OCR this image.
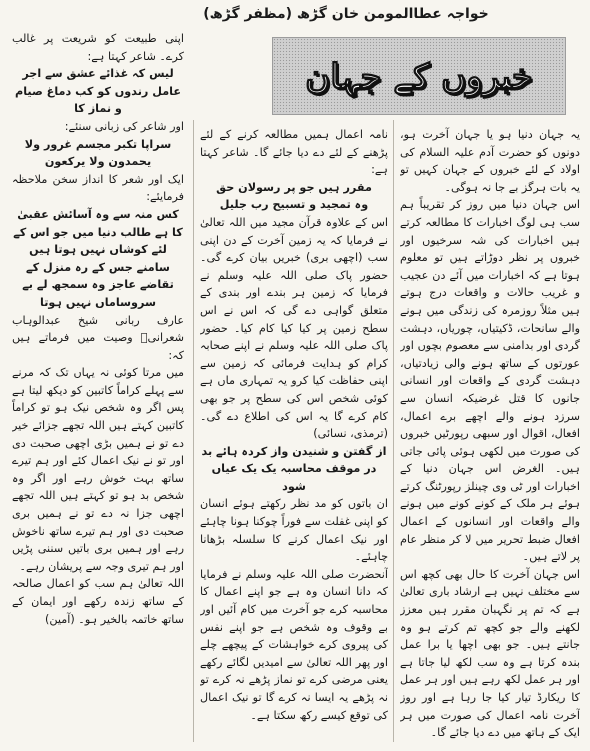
خواجہ عطاالمومن خان گڑھ (مظفر گڑھ)
خبروں کے جہان

یہ جہان دنیا ہو یا جہان آخرت ہو، دونوں کو حضرت آدم علیہ السلام کی اولاد کے لئے خبروں کے جہان کہیں تو یہ بات ہرگز بے جا نہ ہوگی۔

اس جہان دنیا میں روز کر تقریباً ہم سب ہی لوگ اخبارات کا مطالعہ کرتے ہیں اخبارات کی شہ سرخیوں اور خبروں پر نظر دوڑاتے ہیں تو معلوم ہوتا ہے کہ اخبارات میں آئے دن عجیب و غریب حالات و واقعات درج ہوتے ہیں مثلاً روزمرہ کی زندگی میں ہونے والے سانحات، ڈکیتیاں، چوریاں، دہشت گردی اور بدامنی سے معصوم بچوں اور عورتوں کے ساتھ ہونے والی زیادتیاں، دہشت گردی کے واقعات اور انسانی جانوں کا قتل غرضیکہ انسان سے سرزد ہونے والے اچھے برے اعمال، افعال، اقوال اور سبھی رپورٹیں خبروں کی صورت میں لکھی ہوئی پائی جاتی ہیں۔ الغرض اس جہان دنیا کے اخبارات اور ٹی وی چینلز رپورٹنگ کرتے ہوئے ہر ملک کے کونے کونے میں ہونے والے واقعات اور انسانوں کے اعمال افعال ضبط تحریر میں لا کر منظر عام پر لاتے ہیں۔

اس جہان آخرت کا حال بھی کچھ اس سے مختلف نہیں ہے ارشاد باری تعالیٰ ہے کہ تم پر نگہبان مقرر ہیں معزز لکھنے والے جو کچھ تم کرتے ہو وہ جانتے ہیں۔ جو بھی اچھا یا برا عمل بندہ کرتا ہے وہ سب لکھ لیا جاتا ہے اور ہر عمل لکھ رہے ہیں اور ہر عمل کا ریکارڈ تیار کیا جا رہا ہے اور روز آخرت نامہ اعمال کی صورت میں ہر ایک کے ہاتھ میں دے دیا جائے گا۔

نامہ اعمال ہمیں مطالعہ کرنے کے لئے پڑھنے کے لئے دے دیا جائے گا۔ شاعر کہتا ہے:

مقرر ہیں جو پر رسولان حق

وہ تمجید و تسبیح رب جلیل

اس کے علاوہ قرآن مجید میں اللہ تعالیٰ نے فرمایا کہ یہ زمین آخرت کے دن اپنی سب (اچھی بری) خبریں بیان کرے گی۔ حضور پاک صلی اللہ علیہ وسلم نے فرمایا کہ زمین ہر بندے اور بندی کے متعلق گواہی دے گی کہ اس نے اس سطح زمین پر کیا کیا کام کیا۔ حضور پاک صلی اللہ علیہ وسلم نے اپنے صحابہ کرام کو ہدایت فرمائی کہ زمین سے اپنی حفاظت کیا کرو یہ تمہاری ماں ہے کوئی شخص اس کی سطح پر جو بھی کام کرے گا یہ اس کی اطلاع دے گی۔ (ترمذی، نسائی)

از گفتن و شنیدن واز کردہ ہائے بد

در موقف محاسبہ یک یک عیاں شود

ان باتوں کو مد نظر رکھتے ہوئے انسان کو اپنی غفلت سے فوراً چوکنا ہونا چاہئے اور نیک اعمال کرنے کا سلسلہ بڑھانا چاہئے۔

آنحضرت صلی اللہ علیہ وسلم نے فرمایا کہ دانا انسان وہ ہے جو اپنے اعمال کا محاسبہ کرے جو آخرت میں کام آئیں اور بے وقوف وہ شخص ہے جو اپنے نفس کی پیروی کرے خواہشات کے پیچھے چلے اور پھر اللہ تعالیٰ سے امیدیں لگائے رکھے یعنی مرضی کرے تو نماز پڑھے نہ کرے تو نہ پڑھے یہ ایسا نہ کرے گا تو نیک اعمال کی توقع کیسے رکھ سکتا ہے۔

اپنی طبیعت کو شریعت پر غالب کرے۔ شاعر کہتا ہے:

لیس کہ غذائے عشق سے اجر عامل رندوں کو کب دماغ صیام و نماز کا

اور شاعر کی زبانی سنئے:

سراپا تکبر مجسم غرور ولا یحمدون ولا یرکعون

ایک اور شعر کا انداز سخن ملاحظہ فرمایئے:

کس منہ سے وہ آسائش عقبیٰ کا ہے طالب دنیا میں جو اس کے لئے کوشاں نہیں ہوتا ہیں سامنے جس کے رہ منزل کے تقاضے عاجز وہ سمجھ لے بے سروساماں نہیں ہوتا

عارف ربانی شیخ عبدالوہاب شعرانیؒ وصیت میں فرماتے ہیں کہ:

میں مرتا کوئی نہ یہاں تک کہ مرنے سے پہلے کراماً کاتبین کو دیکھ لیتا ہے پس اگر وہ شخص نیک ہو تو کراماً کاتبین کہتے ہیں اللہ تجھے جزائے خیر دے تو نے ہمیں بڑی اچھی صحبت دی اور تو نے نیک اعمال کئے اور ہم تیرے ساتھ بہت خوش رہے اور اگر وہ شخص بد ہو تو کہتے ہیں اللہ تجھے اچھی جزا نہ دے تو نے ہمیں بری صحبت دی اور ہم تیرے ساتھ ناخوش رہے اور ہمیں بری باتیں سننی پڑیں اور ہم تیری وجہ سے پریشان رہے۔

اللہ تعالیٰ ہم سب کو اعمال صالحہ کے ساتھ زندہ رکھے اور ایمان کے ساتھ خاتمہ بالخیر ہو۔ (آمین)
